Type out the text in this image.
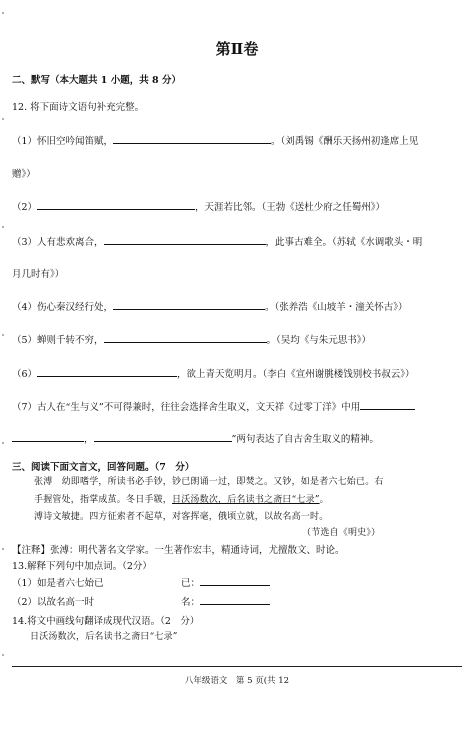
第Ⅱ卷
二、默写（本大题共 1 小题，共 8 分）
12. 将下面诗文语句补充完整。
（1）怀旧空吟闻笛赋，	。（刘禹锡《酬乐天扬州初逢席上见
赠》）
（2）	，天涯若比邻。（王勃《送杜少府之任蜀州》）
（3）人有悲欢离合，	，此事古难全。（苏轼《水调歌头・明
月几时有》）
（4）伤心秦汉经行处，	。（张养浩《山坡羊・潼关怀古》）
（5）蝉则千转不穷，	。（吴均《与朱元思书》）
（6）	，欲上青天览明月。（李白《宣州谢朓楼饯别校书叔云》）
（7）古人在“生与义”不可得兼时，往往会选择舍生取义，文天祥《过零丁洋》中用
，	”两句表达了自古舍生取义的精神。
三、阅读下面文言文，回答问题。（7　分）
张溥　幼即嗜学，所读书必手钞，钞已朗诵一过，即焚之。又钞，如是者六七始已。右
手握管处，指掌成茧。冬日手皲，日沃汤数次，后名读书之斋曰“七录”。
溥诗文敏捷。四方征索者不起草，对客挥毫，俄顷立就，以故名高一时。
（节选自《明史》）
【注释】张溥：明代著名文学家。一生著作宏丰，精通诗词，尤擅散文、时论。
13.解释下列句中加点词。（2分）
（1）如是者六七始已	已：
（2）以故名高一时	名：
14.将文中画线句翻译成现代汉语。（2　分）
日沃汤数次，后名读书之斋曰“七录”
八年级语文　第 5 页(共 12
